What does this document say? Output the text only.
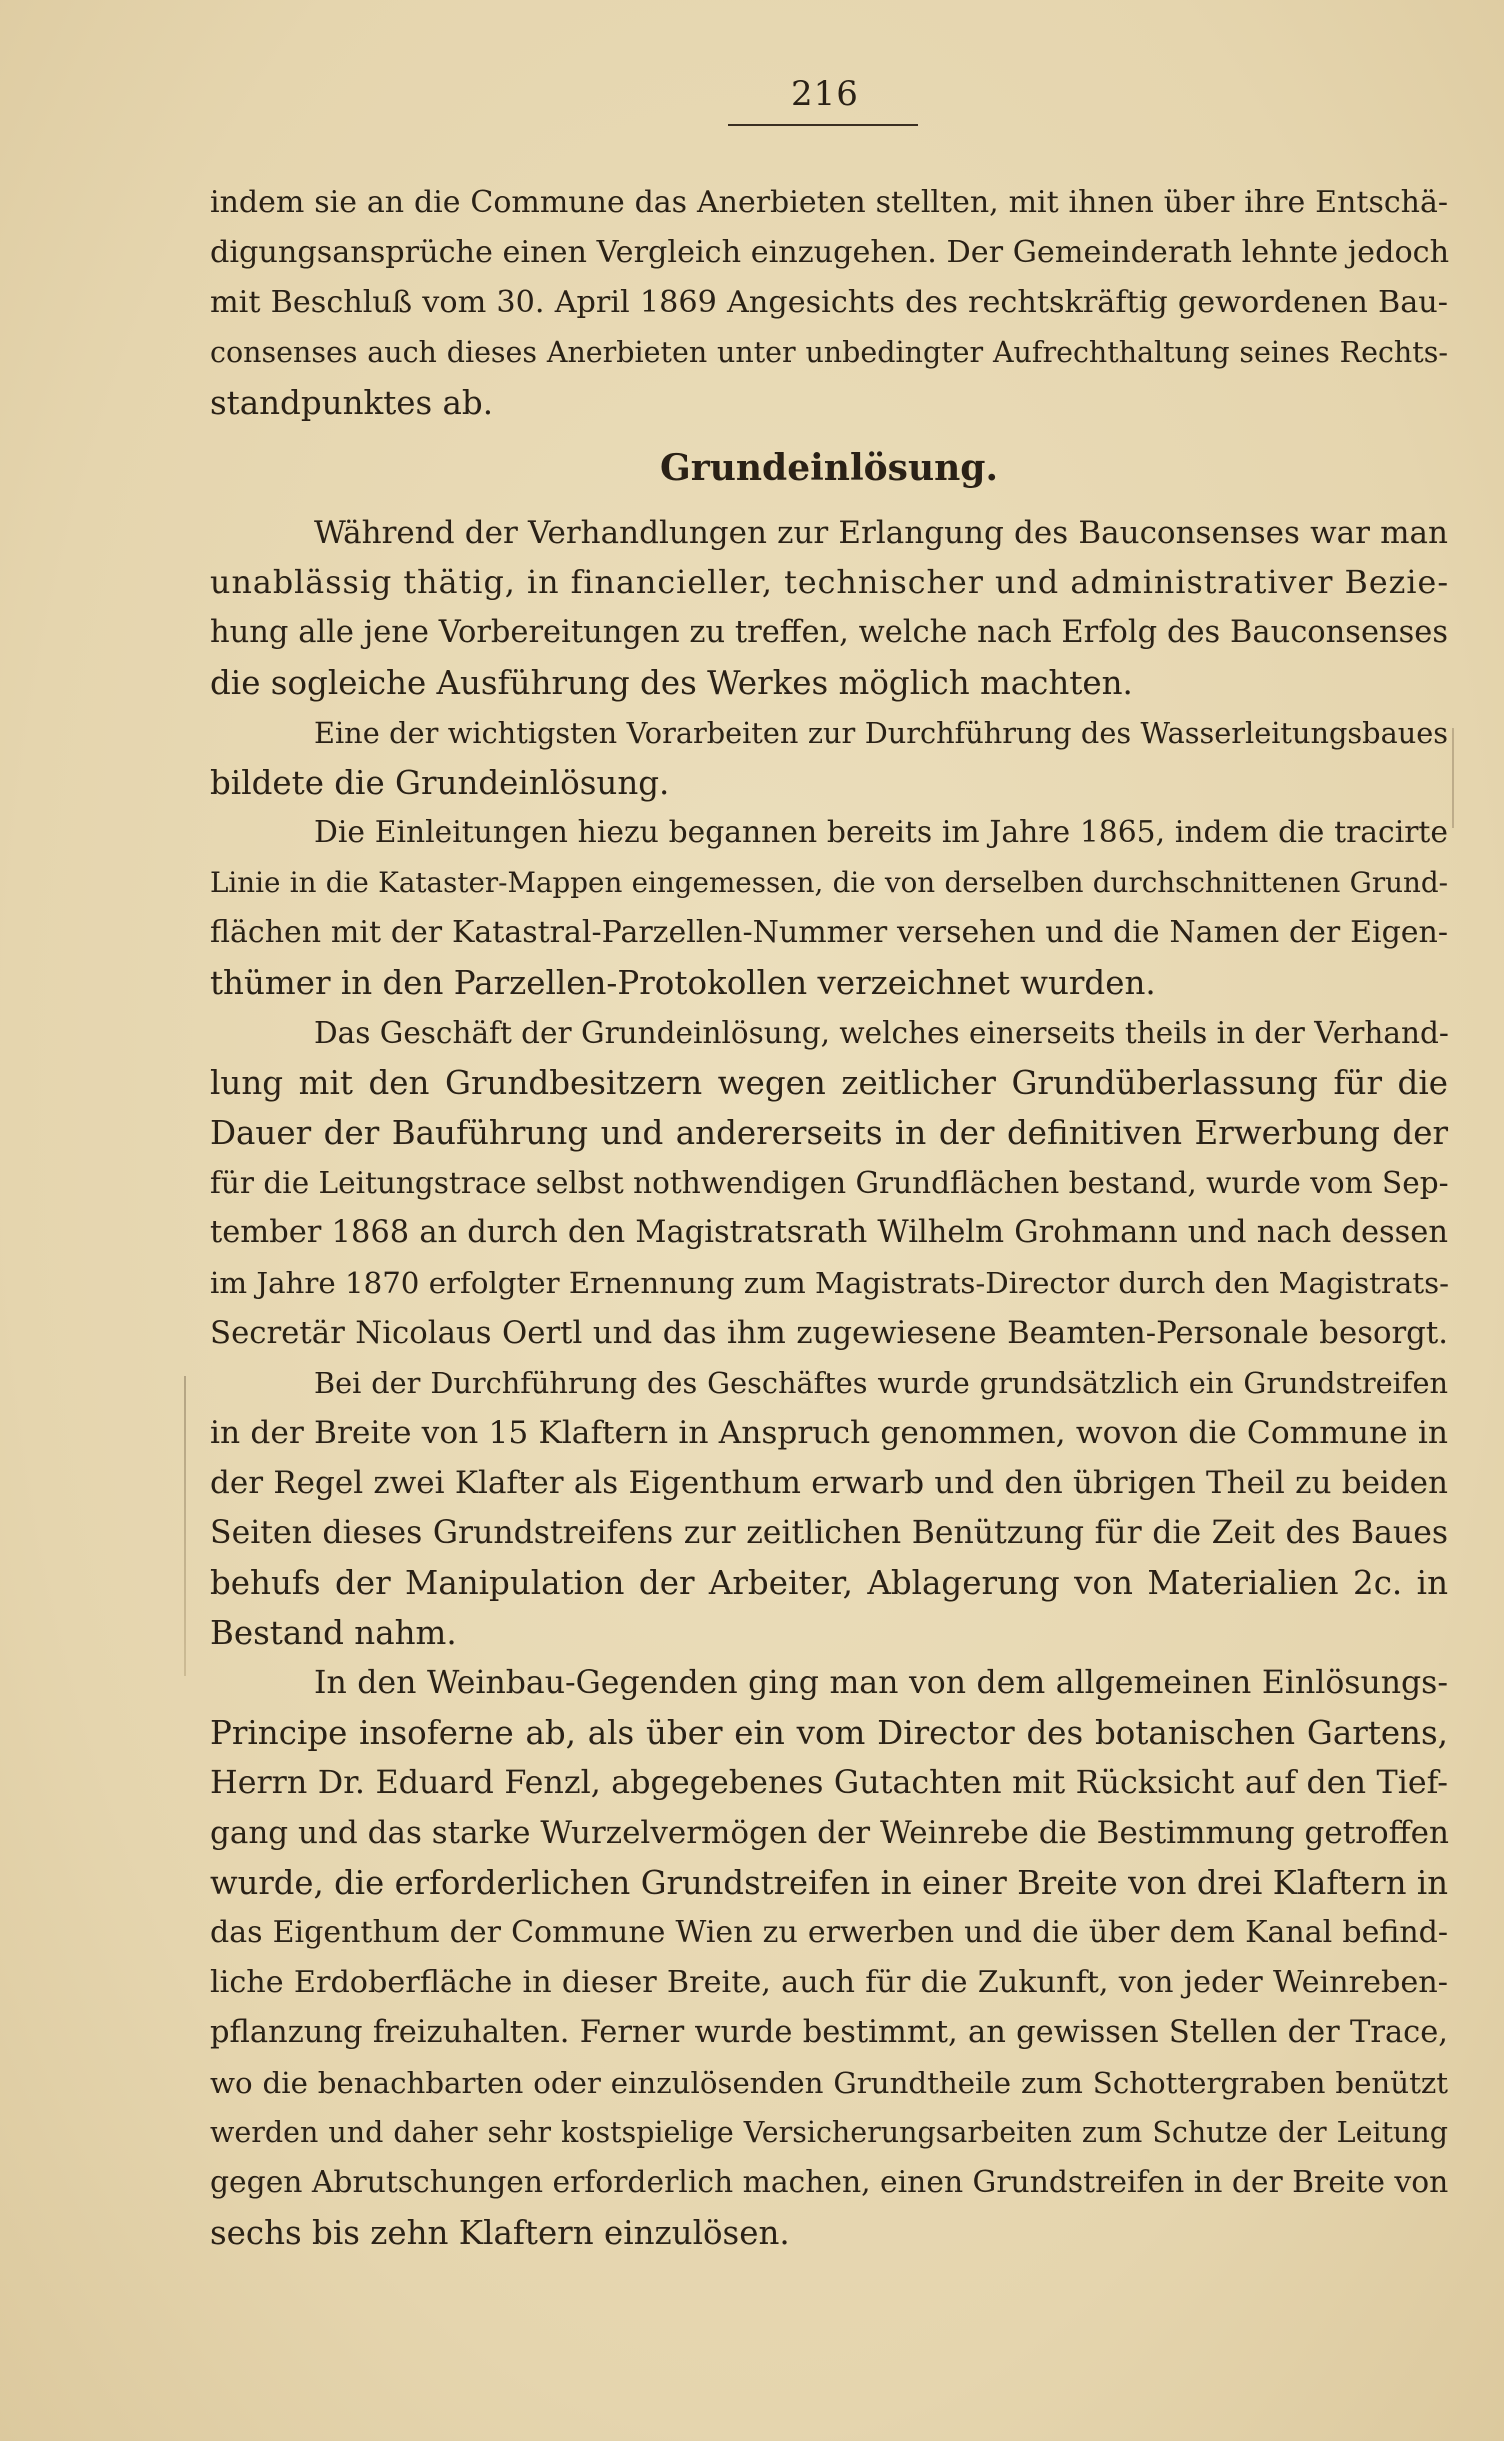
216
indem sie an die Commune das Anerbieten stellten, mit ihnen über ihre Entschä-
digungsansprüche einen Vergleich einzugehen. Der Gemeinderath lehnte jedoch
mit Beschluß vom 30. April 1869 Angesichts des rechtskräftig gewordenen Bau-
consenses auch dieses Anerbieten unter unbedingter Aufrechthaltung seines Rechts-
standpunktes ab.
Grundeinlösung.
Während der Verhandlungen zur Erlangung des Bauconsenses war man
unablässig thätig, in financieller, technischer und administrativer Bezie-
hung alle jene Vorbereitungen zu treffen, welche nach Erfolg des Bauconsenses
die sogleiche Ausführung des Werkes möglich machten.
Eine der wichtigsten Vorarbeiten zur Durchführung des Wasserleitungsbaues
bildete die Grundeinlösung.
Die Einleitungen hiezu begannen bereits im Jahre 1865, indem die tracirte
Linie in die Kataster-Mappen eingemessen, die von derselben durchschnittenen Grund-
flächen mit der Katastral-Parzellen-Nummer versehen und die Namen der Eigen-
thümer in den Parzellen-Protokollen verzeichnet wurden.
Das Geschäft der Grundeinlösung, welches einerseits theils in der Verhand-
lung mit den Grundbesitzern wegen zeitlicher Grundüberlassung für die
Dauer der Bauführung und andererseits in der definitiven Erwerbung der
für die Leitungstrace selbst nothwendigen Grundflächen bestand, wurde vom Sep-
tember 1868 an durch den Magistratsrath Wilhelm Grohmann und nach dessen
im Jahre 1870 erfolgter Ernennung zum Magistrats-Director durch den Magistrats-
Secretär Nicolaus Oertl und das ihm zugewiesene Beamten-Personale besorgt.
Bei der Durchführung des Geschäftes wurde grundsätzlich ein Grundstreifen
in der Breite von 15 Klaftern in Anspruch genommen, wovon die Commune in
der Regel zwei Klafter als Eigenthum erwarb und den übrigen Theil zu beiden
Seiten dieses Grundstreifens zur zeitlichen Benützung für die Zeit des Baues
behufs der Manipulation der Arbeiter, Ablagerung von Materialien 2c. in
Bestand nahm.
In den Weinbau-Gegenden ging man von dem allgemeinen Einlösungs-
Principe insoferne ab, als über ein vom Director des botanischen Gartens,
Herrn Dr. Eduard Fenzl, abgegebenes Gutachten mit Rücksicht auf den Tief-
gang und das starke Wurzelvermögen der Weinrebe die Bestimmung getroffen
wurde, die erforderlichen Grundstreifen in einer Breite von drei Klaftern in
das Eigenthum der Commune Wien zu erwerben und die über dem Kanal befind-
liche Erdoberfläche in dieser Breite, auch für die Zukunft, von jeder Weinreben-
pflanzung freizuhalten. Ferner wurde bestimmt, an gewissen Stellen der Trace,
wo die benachbarten oder einzulösenden Grundtheile zum Schottergraben benützt
werden und daher sehr kostspielige Versicherungsarbeiten zum Schutze der Leitung
gegen Abrutschungen erforderlich machen, einen Grundstreifen in der Breite von
sechs bis zehn Klaftern einzulösen.
